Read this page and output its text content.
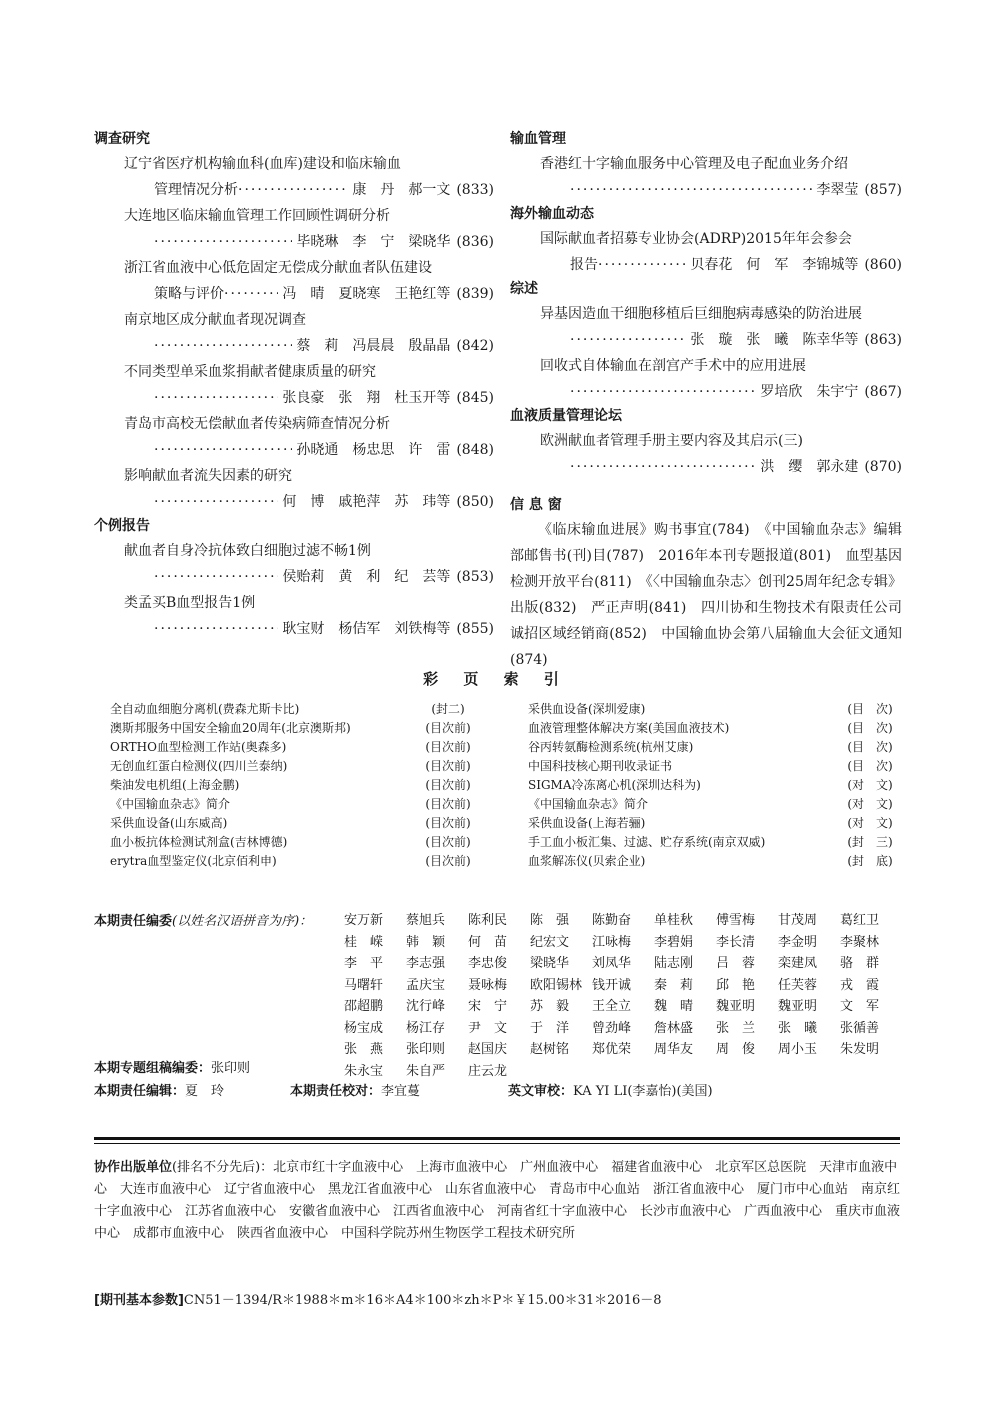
调查研究
辽宁省医疗机构输血科(血库)建设和临床输血
管理情况分析 ·····	康　丹　郝一文 (833)
大连地区临床输血管理工作回顾性调研分析
·····
毕晓琳　李　宁　梁晓华 (836)
浙江省血液中心低危固定无偿成分献血者队伍建设
策略与评价 ·····	冯　晴　夏晓寒　王艳红等 (839)
南京地区成分献血者现况调查
·····
蔡　莉　冯晨晨　殷晶晶 (842)
不同类型单采血浆捐献者健康质量的研究
·····
张良豪　张　翔　杜玉开等 (845)
青岛市高校无偿献血者传染病筛查情况分析
·····
孙晓通　杨忠思　许　雷 (848)
影响献血者流失因素的研究
·····
何　博　戚艳萍　苏　玮等 (850)
个例报告
献血者自身冷抗体致白细胞过滤不畅1例
·····
侯贻莉　黄　利　纪　芸等 (853)
类孟买B血型报告1例
·····
耿宝财　杨佶军　刘铁梅等 (855)
输血管理
香港红十字输血服务中心管理及电子配血业务介绍
·····
李翠莹 (857)
海外输血动态
国际献血者招募专业协会(ADRP)2015年年会参会
报告 ·····	贝春花　何　军　李锦城等 (860)
综述
异基因造血干细胞移植后巨细胞病毒感染的防治进展
·····
张　璇　张　曦　陈幸华等 (863)
回收式自体输血在剖宫产手术中的应用进展
·····
罗培欣　朱宇宁 (867)
血液质量管理论坛
欧洲献血者管理手册主要内容及其启示(三)
·····
洪　缨　郭永建 (870)
信 息 窗
《临床输血进展》购书事宜(784)　《中国输血杂志》编辑部邮售书(刊)目(787)　2016年本刊专题报道(801)　血型基因检测开放平台(811)　《〈中国输血杂志〉创刊25周年纪念专辑》出版(832)　严正声明(841)　四川协和生物技术有限责任公司诚招区域经销商(852)　中国输血协会第八届输血大会征文通知(874)
彩 页 索 引
全自动血细胞分离机(费森尤斯卡比)	(封二)
澳斯邦服务中国安全输血20周年(北京澳斯邦)	(目次前)
ORTHO血型检测工作站(奥森多)	(目次前)
无创血红蛋白检测仪(四川兰泰纳)	(目次前)
柴油发电机组(上海金鹏)	(目次前)
《中国输血杂志》简介	(目次前)
采供血设备(山东威高)	(目次前)
血小板抗体检测试剂盒(吉林博德)	(目次前)
erytra血型鉴定仪(北京佰利申)	(目次前)
采供血设备(深圳爱康)	(目　次)
血液管理整体解决方案(美国血液技术)	(目　次)
谷丙转氨酶检测系统(杭州艾康)	(目　次)
中国科技核心期刊收录证书	(目　次)
SIGMA冷冻离心机(深圳达科为)	(对　文)
《中国输血杂志》简介	(对　文)
采供血设备(上海若骊)	(对　文)
手工血小板汇集、过滤、贮存系统(南京双威)	(封　三)
血浆解冻仪(贝索企业)	(封　底)
本期责任编委(以姓名汉语拼音为序)： 安万新	蔡旭兵	陈利民	陈　强	陈勤奋	单桂秋	傅雪梅	甘茂周	葛红卫
桂　嵘	韩　颖	何　苗	纪宏文	江咏梅	李碧娟	李长清	李金明	李聚林
李　平	李志强	李忠俊	梁晓华	刘凤华	陆志刚	吕　蓉	栾建凤	骆　群
马曙轩	孟庆宝	聂咏梅	欧阳锡林 钱开诚	秦　莉	邱　艳	任芙蓉	戎　霞
邵超鹏	沈行峰	宋　宁	苏　毅	王全立	魏　晴	魏亚明	魏亚明	文　军
杨宝成	杨江存	尹　文	于　洋	曾劲峰	詹林盛	张　兰	张　曦	张循善
张　燕	张印则	赵国庆	赵树铭	郑优荣	周华友	周　俊	周小玉	朱发明
朱永宝	朱自严	庄云龙
本期专题组稿编委：张印则
本期责任编辑：夏　玲	本期责任校对：李宜蔓	英文审校：KA YI LI(李嘉怡)(美国)
协作出版单位(排名不分先后)：北京市红十字血液中心　上海市血液中心　广州血液中心　福建省血液中心　北京军区总医院　天津市血液中心　大连市血液中心　辽宁省血液中心　黑龙江省血液中心　山东省血液中心　青岛市中心血站　浙江省血液中心　厦门市中心血站　南京红十字血液中心　江苏省血液中心　安徽省血液中心　江西省血液中心　河南省红十字血液中心　长沙市血液中心　广西血液中心　重庆市血液中心　成都市血液中心　陕西省血液中心　中国科学院苏州生物医学工程技术研究所
[期刊基本参数]CN51－1394/R＊1988＊m＊16＊A4＊100＊zh＊P＊￥15.00＊31＊2016－8
